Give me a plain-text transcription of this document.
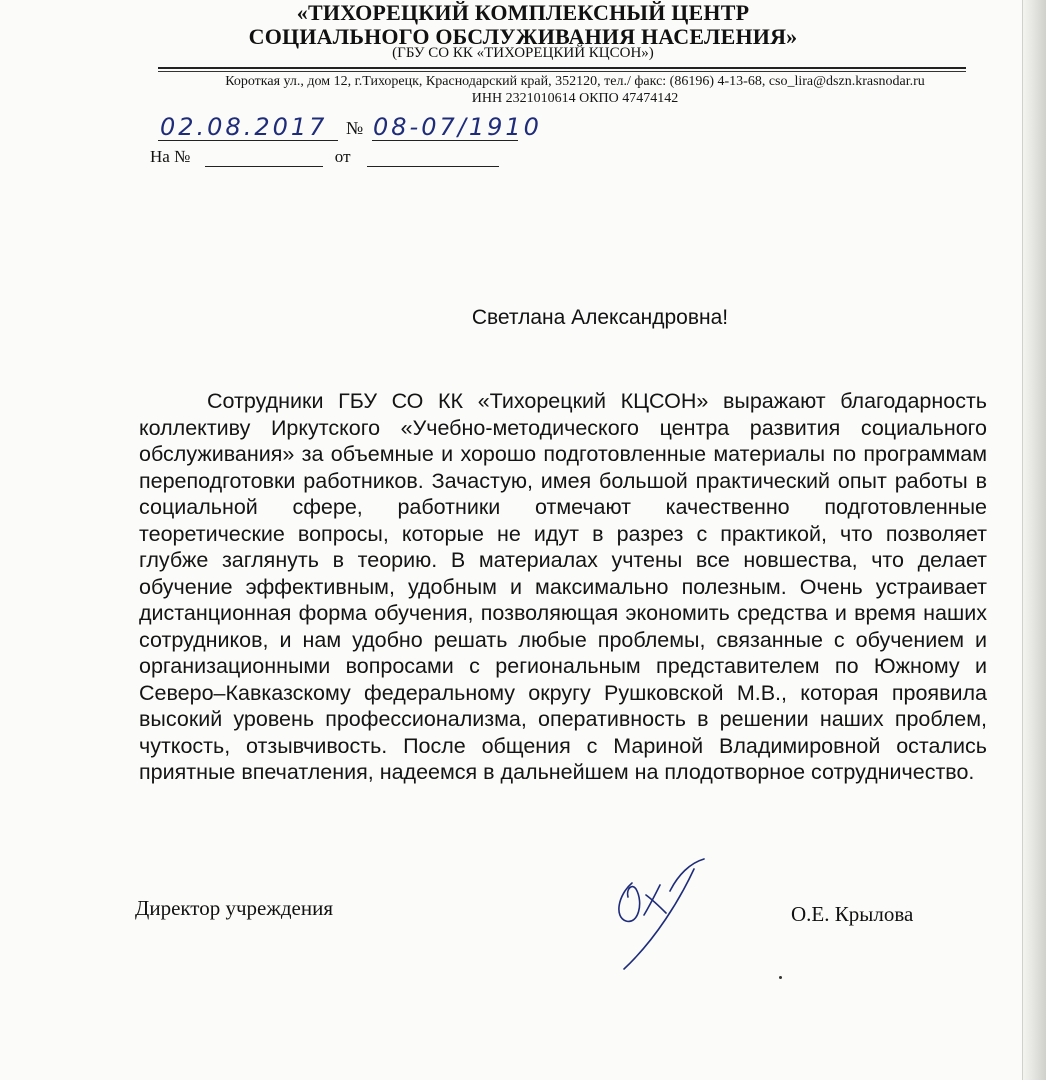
«ТИХОРЕЦКИЙ КОМПЛЕКСНЫЙ ЦЕНТР
СОЦИАЛЬНОГО ОБСЛУЖИВАНИЯ НАСЕЛЕНИЯ»
(ГБУ СО КК «ТИХОРЕЦКИЙ КЦСОН»)
Короткая ул., дом 12, г.Тихорецк, Краснодарский край, 352120, тел./ факс: (86196) 4-13-68, cso_lira@dszn.krasnodar.ru
ИНН 2321010614 ОКПО 47474142
02.08.2017 № 08-07/1910
На №	от
Светлана Александровна!
Сотрудники ГБУ СО КК «Тихорецкий КЦСОН» выражают благодарность коллективу Иркутского «Учебно-методического центра развития социального обслуживания» за объемные и хорошо подготовленные материалы по программам переподготовки работников. Зачастую, имея большой практический опыт работы в социальной сфере, работники отмечают качественно подготовленные теоретические вопросы, которые не идут в разрез с практикой, что позволяет глубже заглянуть в теорию. В материалах учтены все новшества, что делает обучение эффективным, удобным и максимально полезным. Очень устраивает дистанционная форма обучения, позволяющая экономить средства и время наших сотрудников, и нам удобно решать любые проблемы, связанные с обучением и организационными вопросами с региональным представителем по Южному и Северо–Кавказскому федеральному округу Рушковской М.В., которая проявила высокий уровень профессионализма, оперативность в решении наших проблем, чуткость, отзывчивость. После общения с Мариной Владимировной остались приятные впечатления, надеемся в дальнейшем на плодотворное сотрудничество.
Директор учреждения	О.Е. Крылова
